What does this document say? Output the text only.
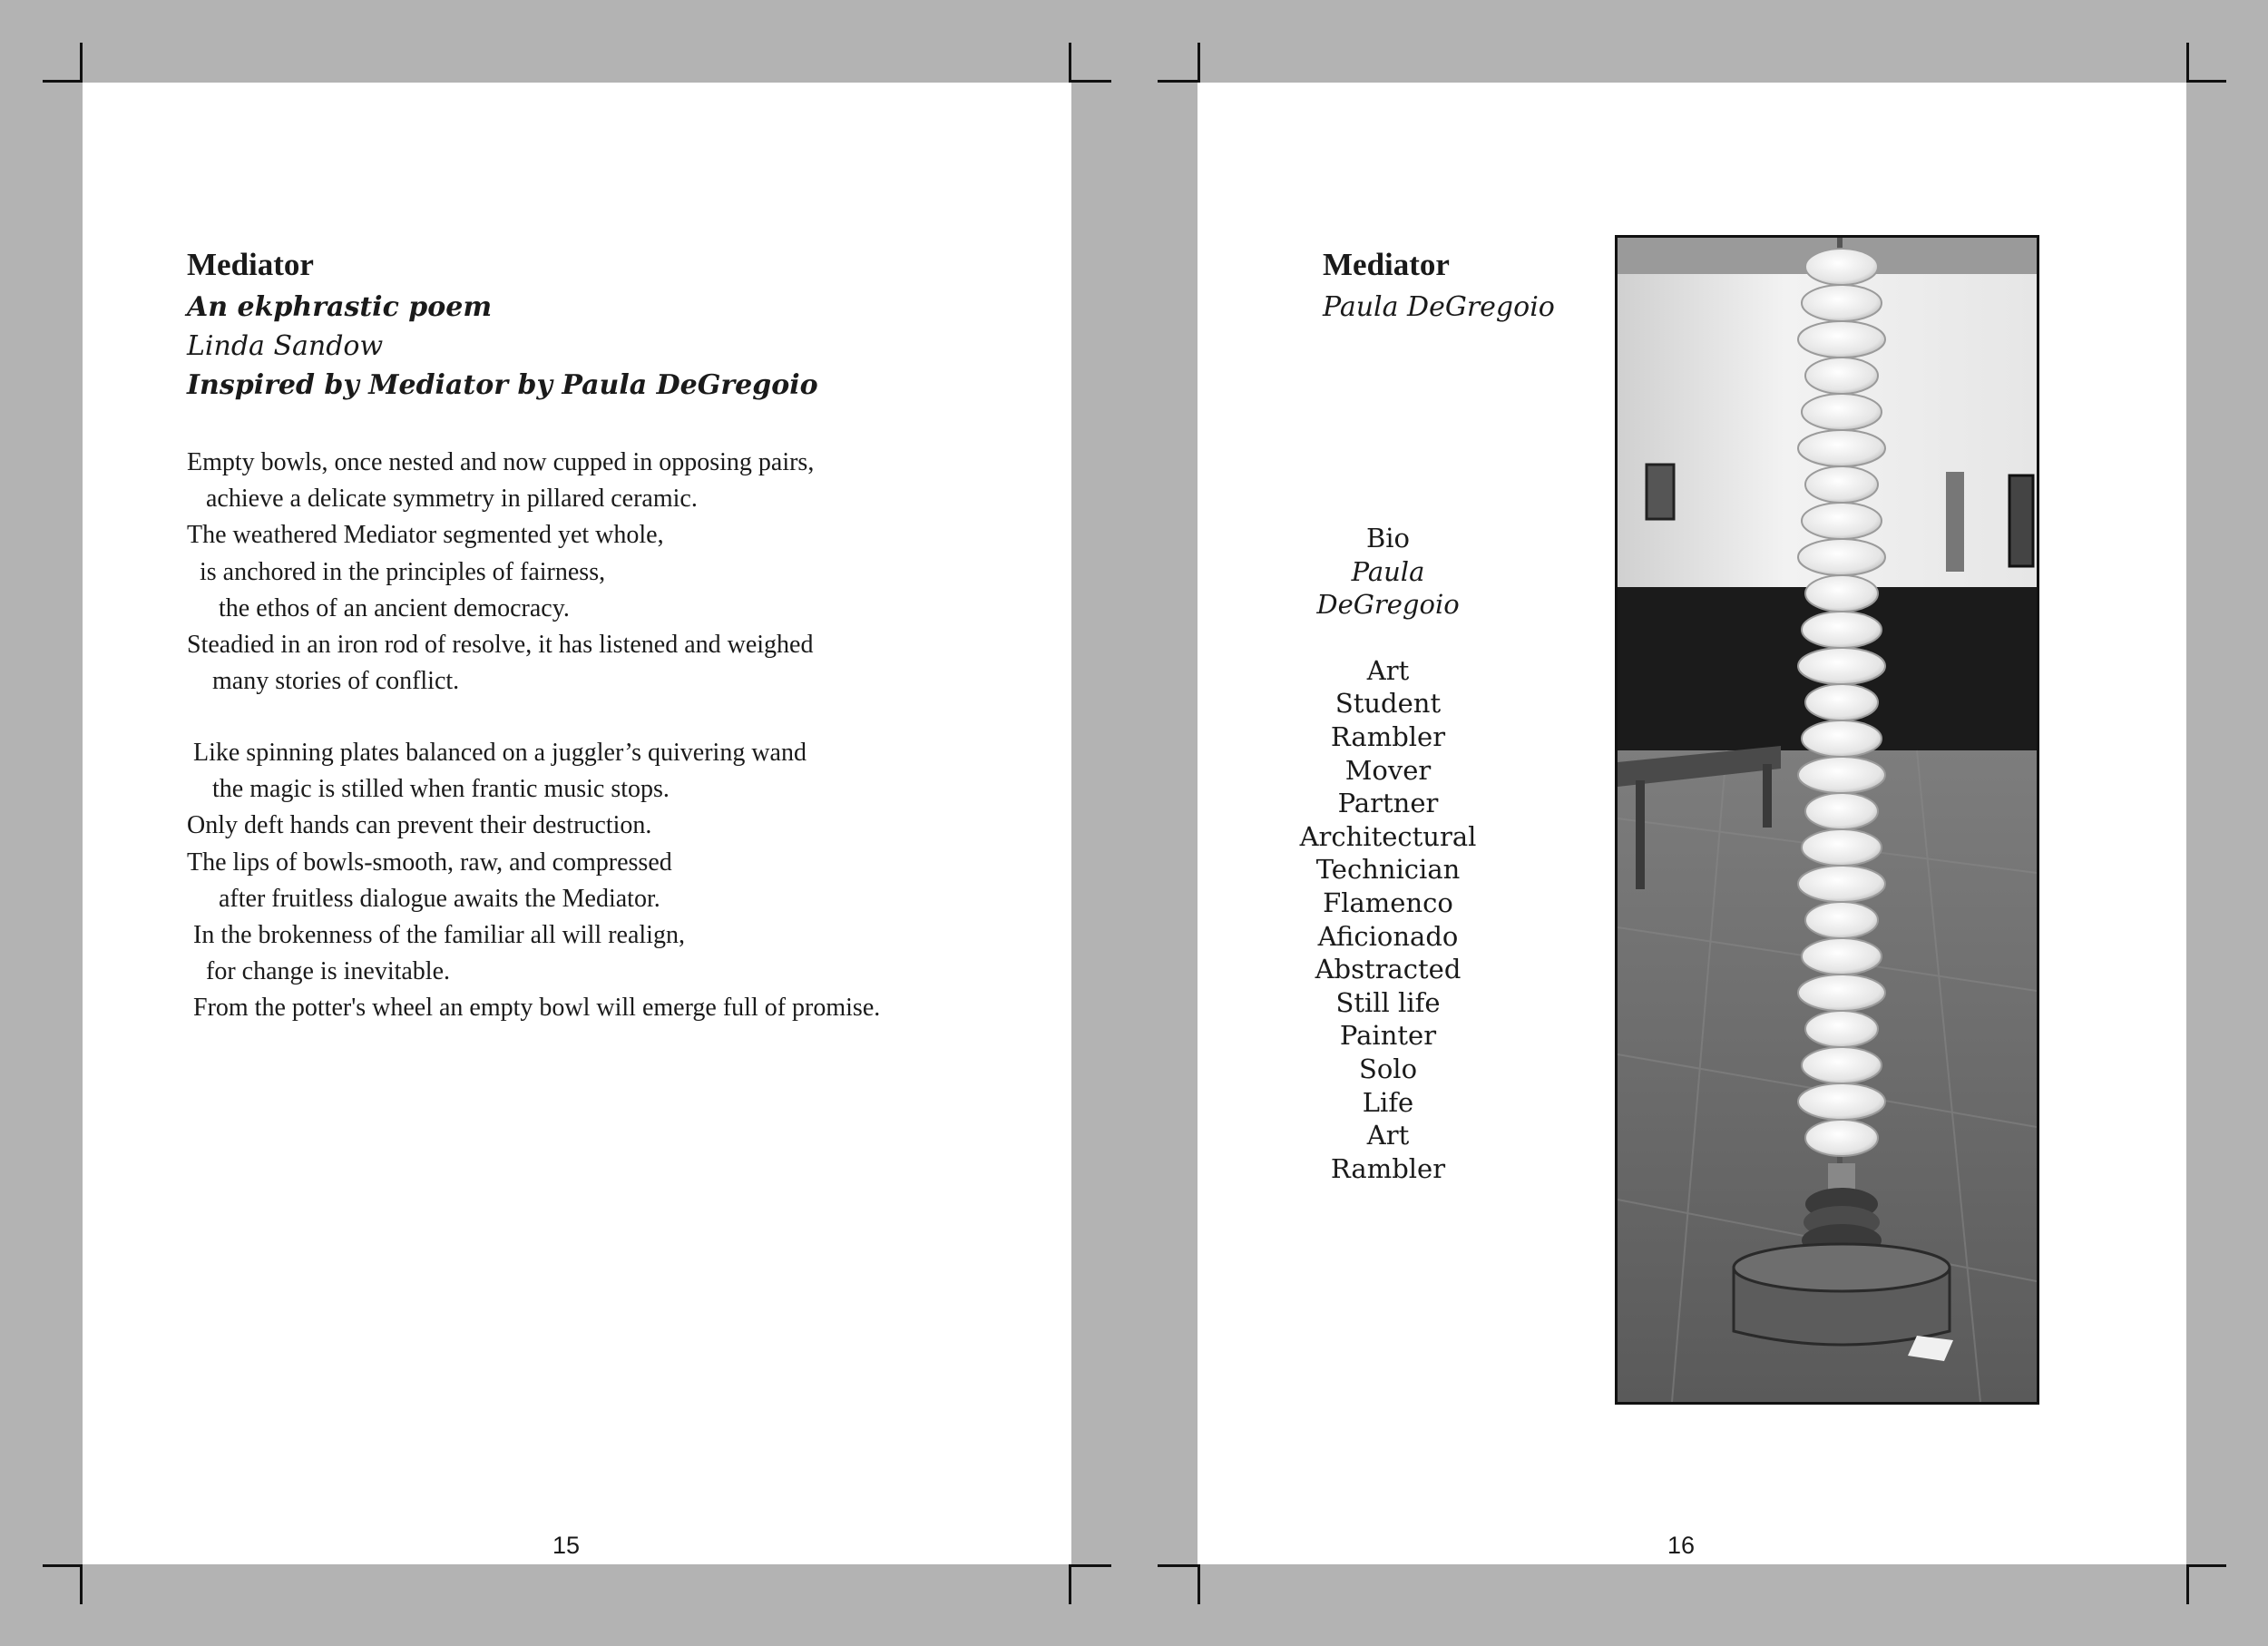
Mediator
An ekphrastic poem
Linda Sandow
Inspired by Mediator by Paula DeGregoio
Empty bowls, once nested and now cupped in opposing pairs,
achieve a delicate symmetry in pillared ceramic.
The weathered Mediator segmented yet whole,
is anchored in the principles of fairness,
the ethos of an ancient democracy.
Steadied in an iron rod of resolve, it has listened and weighed
many stories of conflict.
Like spinning plates balanced on a juggler’s quivering wand
the magic is stilled when frantic music stops.
Only deft hands can prevent their destruction.
The lips of bowls-smooth, raw, and compressed
after fruitless dialogue awaits the Mediator.
In the brokenness of the familiar all will realign,
for change is inevitable.
From the potter's wheel an empty bowl will emerge full of promise.
15
Mediator
Paula DeGregoio
Bio
Paula
DeGregoio
Art
Student
Rambler
Mover
Partner
Architectural
Technician
Flamenco
Aficionado
Abstracted
Still life
Painter
Solo
Life
Art
Rambler
16
